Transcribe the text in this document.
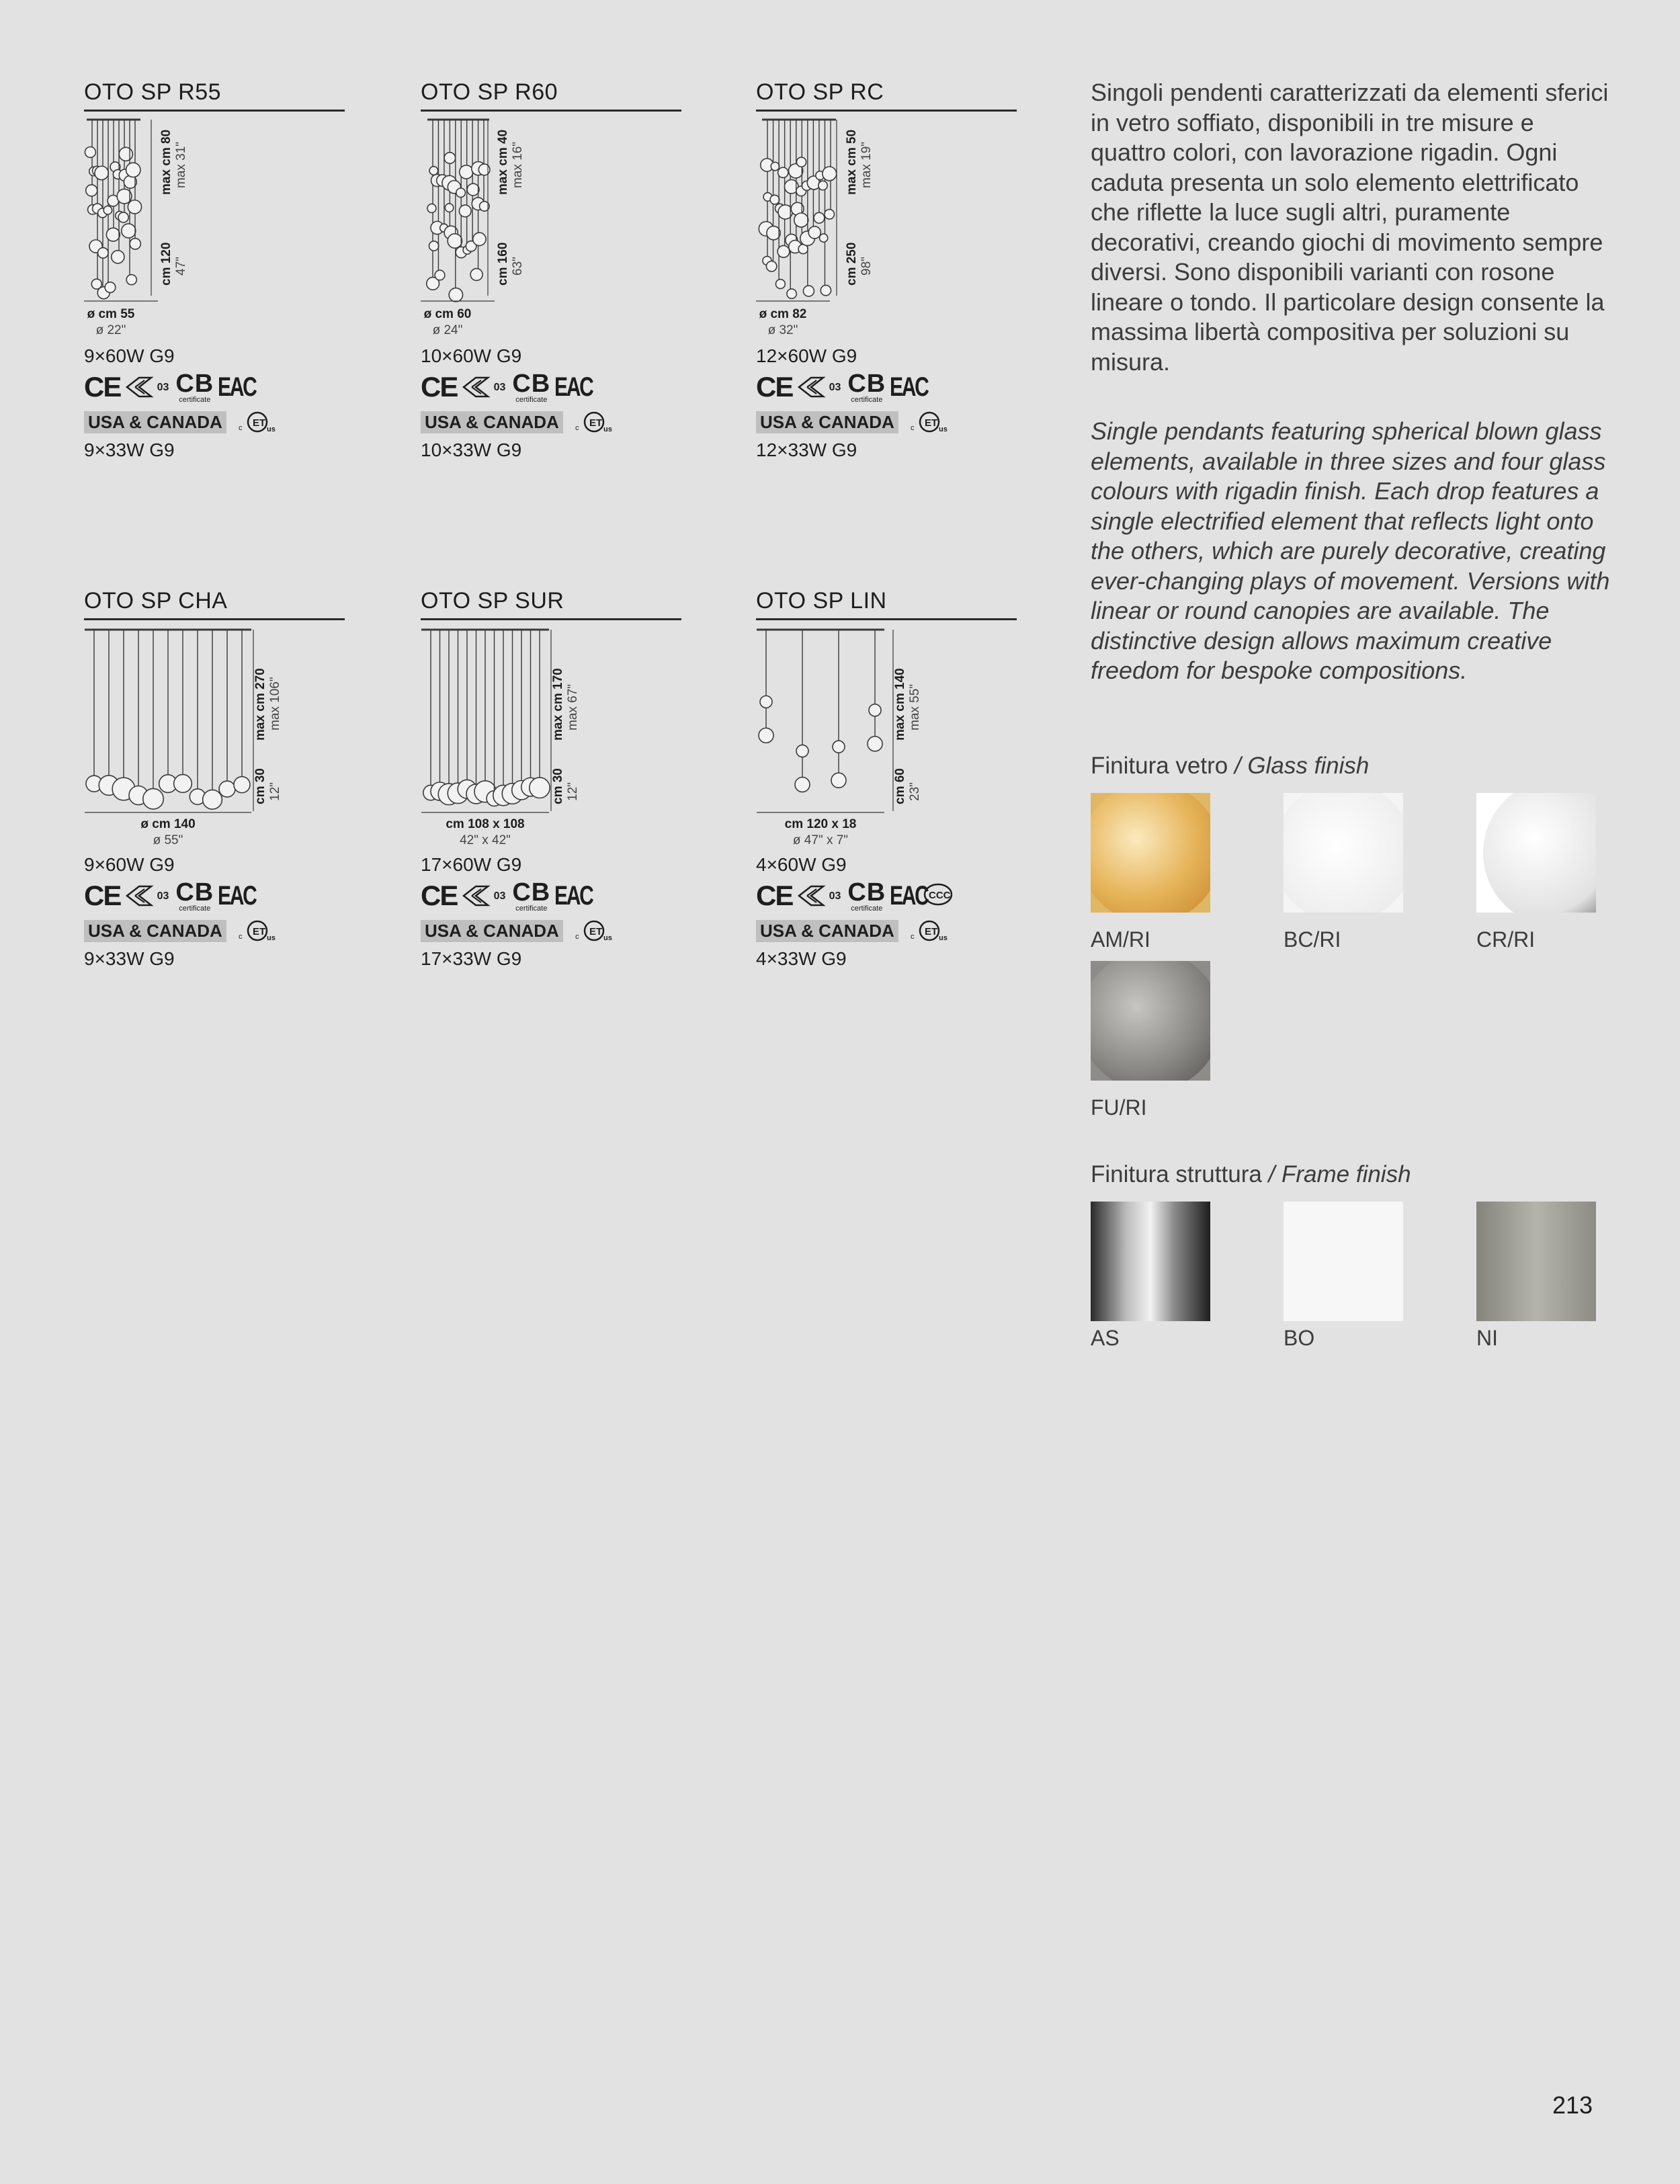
OTO SP R55
max cm 80 max 31"
cm 120 47"
ø cm 55
ø 22"
9×60W G9
CE	03 CB
certificate EAC
USA & CANADA	ET
c	us
9×33W G9
OTO SP R60
max cm 40 max 16"
cm 160 63"
ø cm 60
ø 24"
10×60W G9
CE	03 CB
certificate EAC
USA & CANADA	ET
c	us
10×33W G9
OTO SP RC
max cm 50 max 19"
cm 250 98"
ø cm 82
ø 32"
12×60W G9
CE	03 CB
certificate EAC
USA & CANADA	ET
c	us
12×33W G9
OTO SP CHA
max cm 270 max 106"
cm 30 12"
ø cm 140
ø 55"
9×60W G9
CE	03 CB
certificate EAC
USA & CANADA	ET
c	us
9×33W G9
OTO SP SUR
max cm 170 max 67"
cm 30 12"
cm 108 x 108
42" x 42"
17×60W G9
CE	03 CB
certificate EAC
USA & CANADA	ET
c	us
17×33W G9
OTO SP LIN
max cm 140 max 55"
cm 60 23"
cm 120 x 18
ø 47" x 7"
4×60W G9
CE	03 CB
certificate EAC CCC
USA & CANADA	ET
c	us
4×33W G9
Singoli pendenti caratterizzati da elementi sferici in vetro soffiato, disponibili in tre misure e quattro colori, con lavorazione rigadin. Ogni caduta presenta un solo elemento elettrificato che riflette la luce sugli altri, puramente decorativi, creando giochi di movimento sempre diversi. Sono disponibili varianti con rosone lineare o tondo. Il particolare design consente la massima libertà compositiva per soluzioni su misura.
Single pendants featuring spherical blown glass elements, available in three sizes and four glass colours with rigadin finish. Each drop features a single electrified element that reflects light onto the others, which are purely decorative, creating ever-changing plays of movement. Versions with linear or round canopies are available. The distinctive design allows maximum creative freedom for bespoke compositions.
Finitura vetro / Glass finish
AM/RI	BC/RI	CR/RI
FU/RI
Finitura struttura / Frame finish
AS	BO	NI
213
